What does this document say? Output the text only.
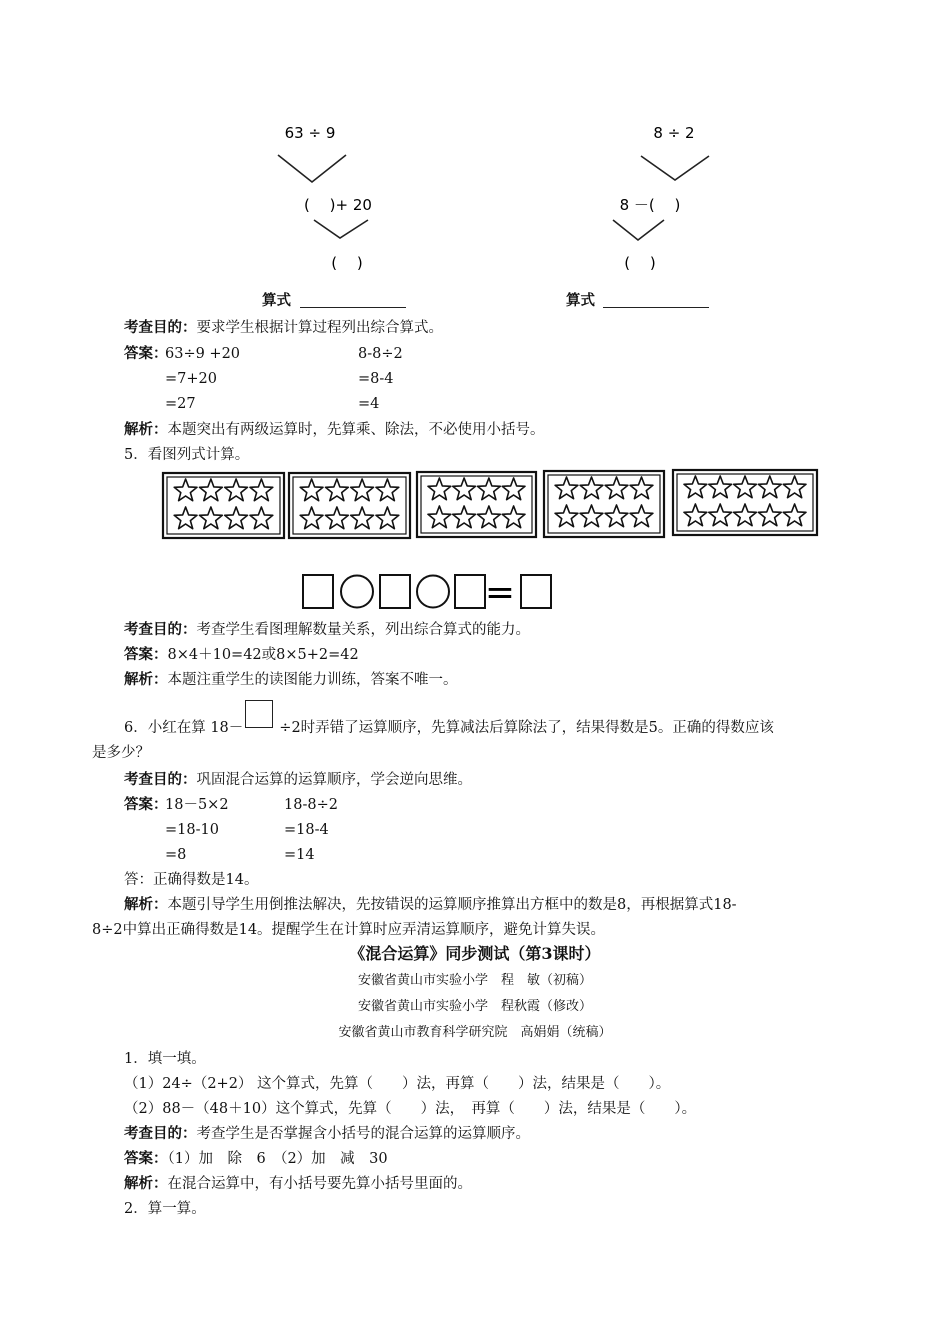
63 ÷ 9
(　 )+ 20
(　 )
8 ÷ 2
8 －(　 )
(　 )
算式	算式
考查目的：要求学生根据计算过程列出综合算式。
答案：
63÷9 +20
=7+20
=27
8-8÷2
=8-4
=4
解析：本题突出有两级运算时，先算乘、除法，不必使用小括号。
5．看图列式计算。
=
考查目的：考查学生看图理解数量关系，列出综合算式的能力。
答案：8×4＋10=42或8×5+2=42
解析：本题注重学生的读图能力训练，答案不唯一。
6．小红在算 18－ ÷2时弄错了运算顺序，先算减法后算除法了，结果得数是5。正确的得数应该
是多少？
考查目的：巩固混合运算的运算顺序，学会逆向思维。
答案：
18－5×2
=18-10
=8
18-8÷2
=18-4
=14
答：正确得数是14。
解析：本题引导学生用倒推法解决，先按错误的运算顺序推算出方框中的数是8，再根据算式18-
8÷2中算出正确得数是14。提醒学生在计算时应弄清运算顺序，避免计算失误。
《混合运算》同步测试（第3课时）
安徽省黄山市实验小学　程　敏（初稿）
安徽省黄山市实验小学　程秋霞（修改）
安徽省黄山市教育科学研究院　高娟娟（统稿）
1．填一填。
（1）24÷（2+2） 这个算式，先算（　　）法，再算（　　）法，结果是（　　）。
（2）88－（48＋10）这个算式，先算（　　）法，　再算（　　）法，结果是（　　）。
考查目的：考查学生是否掌握含小括号的混合运算的运算顺序。
答案：（1）加　除　6　（2）加　减　30
解析：在混合运算中，有小括号要先算小括号里面的。
2．算一算。
